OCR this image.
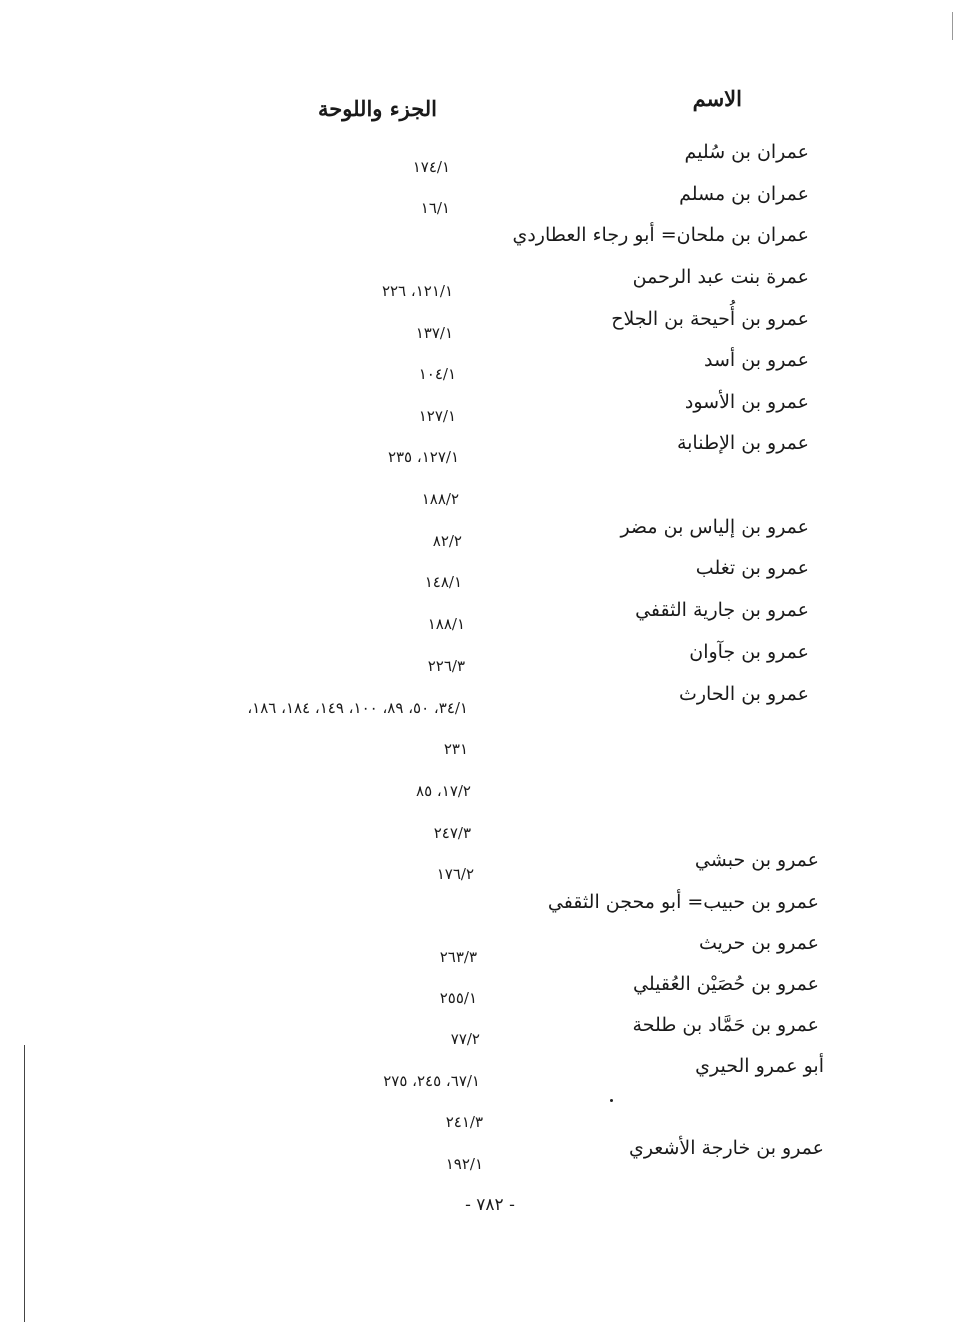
الاسم
الجزء واللوحة
عمران بن سُليم
عمران بن مسلم
عمران بن ملحان= أبو رجاء العطاردي
عمرة بنت عبد الرحمن
عمرو بن أُحيحة بن الجلاح
عمرو بن أسد
عمرو بن الأسود
عمرو بن الإطنابة
عمرو بن إلياس بن مضر
عمرو بن تغلب
عمرو بن جارية الثقفي
عمرو بن جآوان
عمرو بن الحارث
عمرو بن حبشي
عمرو بن حبيب= أبو محجن الثقفي
عمرو بن حريث
عمرو بن حُصَيْن العُقيلي
عمرو بن حَمَّاد بن طلحة
أبو عمرو الحيري
عمرو بن خارجة الأشعري
١٧٤/١
١٦/١
١٢١/١، ٢٢٦
١٣٧/١
١٠٤/١
١٢٧/١
١٢٧/١، ٢٣٥
١٨٨/٢
٨٢/٢
١٤٨/١
١٨٨/١
٢٢٦/٣
٣٤/١، ٥٠، ٨٩، ١٠٠، ١٤٩، ١٨٤، ١٨٦،
٢٣١
١٧/٢، ٨٥
٢٤٧/٣
١٧٦/٢
٢٦٣/٣
٢٥٥/١
٧٧/٢
٦٧/١، ٢٤٥، ٢٧٥
٢٤١/٣
١٩٢/١
- ٧٨٢ -
